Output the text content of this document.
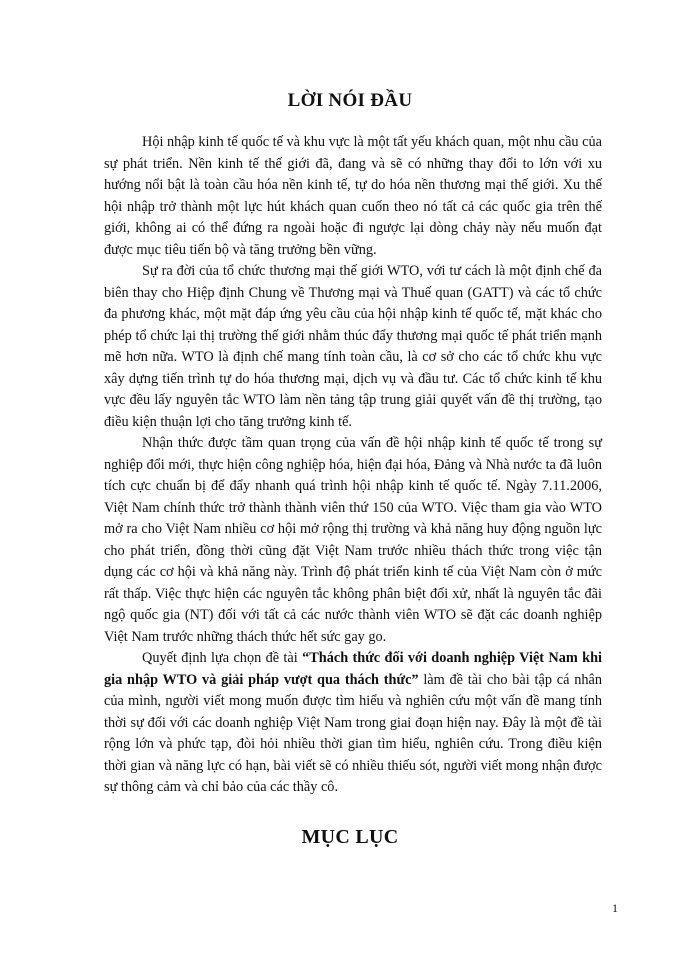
LỜI NÓI ĐẦU

Hội nhập kinh tế quốc tế và khu vực là một tất yếu khách quan, một nhu cầu của sự phát triển. Nền kinh tế thế giới đã, đang và sẽ có những thay đổi to lớn với xu hướng nổi bật là toàn cầu hóa nền kinh tế, tự do hóa nền thương mại thế giới. Xu thế hội nhập trở thành một lực hút khách quan cuốn theo nó tất cả các quốc gia trên thế giới, không ai có thể đứng ra ngoài hoặc đi ngược lại dòng chảy này nếu muốn đạt được mục tiêu tiến bộ và tăng trưởng bền vững.

Sự ra đời của tổ chức thương mại thế giới WTO, với tư cách là một định chế đa biên thay cho Hiệp định Chung về Thương mại và Thuế quan (GATT) và các tổ chức đa phương khác, một mặt đáp ứng yêu cầu của hội nhập kinh tế quốc tế, mặt khác cho phép tổ chức lại thị trường thế giới nhằm thúc đẩy thương mại quốc tế phát triển mạnh mẽ hơn nữa. WTO là định chế mang tính toàn cầu, là cơ sở cho các tổ chức khu vực xây dựng tiến trình tự do hóa thương mại, dịch vụ và đầu tư. Các tổ chức kinh tế khu vực đều lấy nguyên tắc WTO làm nền tảng tập trung giải quyết vấn đề thị trường, tạo điều kiện thuận lợi cho tăng trưởng kinh tế.

Nhận thức được tầm quan trọng của vấn đề hội nhập kinh tế quốc tế trong sự nghiệp đổi mới, thực hiện công nghiệp hóa, hiện đại hóa, Đảng và Nhà nước ta đã luôn tích cực chuẩn bị để đẩy nhanh quá trình hội nhập kinh tế quốc tế. Ngày 7.11.2006, Việt Nam chính thức trở thành thành viên thứ 150 của WTO. Việc tham gia vào WTO mở ra cho Việt Nam nhiều cơ hội mở rộng thị trường và khả năng huy động nguồn lực cho phát triển, đồng thời cũng đặt Việt Nam trước nhiều thách thức trong việc tận dụng các cơ hội và khả năng này. Trình độ phát triển kinh tế của Việt Nam còn ở mức rất thấp. Việc thực hiện các nguyên tắc không phân biệt đối xử, nhất là nguyên tắc đãi ngộ quốc gia (NT) đối với tất cả các nước thành viên WTO sẽ đặt các doanh nghiệp Việt Nam trước những thách thức hết sức gay go.

Quyết định lựa chọn đề tài “Thách thức đối với doanh nghiệp Việt Nam khi gia nhập WTO và giải pháp vượt qua thách thức” làm đề tài cho bài tập cá nhân của mình, người viết mong muốn được tìm hiểu và nghiên cứu một vấn đề mang tính thời sự đối với các doanh nghiệp Việt Nam trong giai đoạn hiện nay. Đây là một đề tài rộng lớn và phức tạp, đòi hỏi nhiều thời gian tìm hiểu, nghiên cứu. Trong điều kiện thời gian và năng lực có hạn, bài viết sẽ có nhiều thiếu sót, người viết mong nhận được sự thông cảm và chỉ bảo của các thầy cô.

MỤC LỤC
1
